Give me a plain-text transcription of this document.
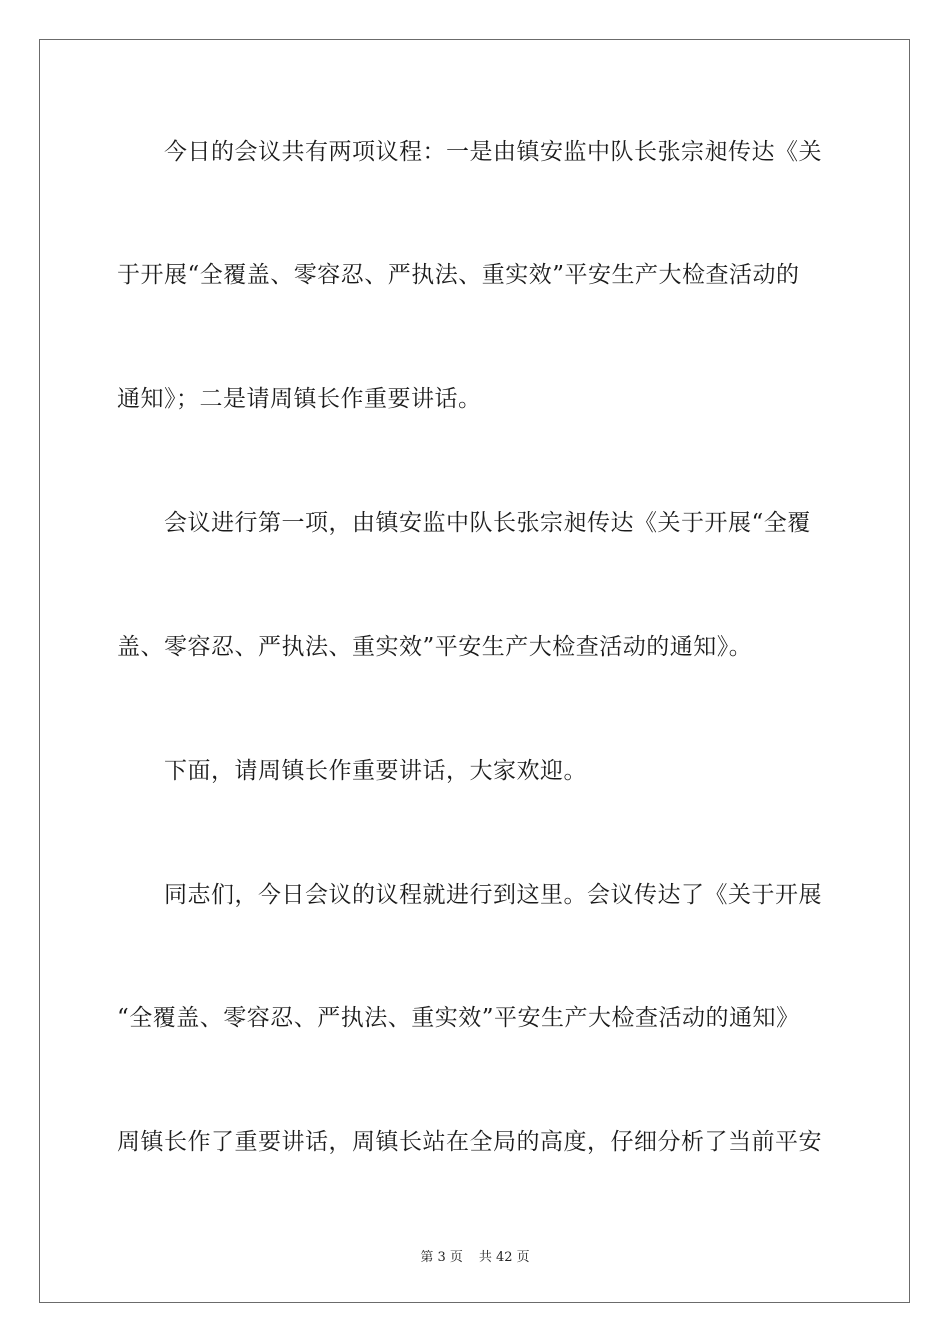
今日的会议共有两项议程：一是由镇安监中队长张宗昶传达《关
于开展“全覆盖、零容忍、严执法、重实效”平安生产大检查活动的
通知》；二是请周镇长作重要讲话。
会议进行第一项，由镇安监中队长张宗昶传达《关于开展“全覆
盖、零容忍、严执法、重实效”平安生产大检查活动的通知》。
下面，请周镇长作重要讲话，大家欢迎。
同志们，今日会议的议程就进行到这里。会议传达了《关于开展
“全覆盖、零容忍、严执法、重实效”平安生产大检查活动的通知》
周镇长作了重要讲话，周镇长站在全局的高度，仔细分析了当前平安
第 3 页 共 42 页
